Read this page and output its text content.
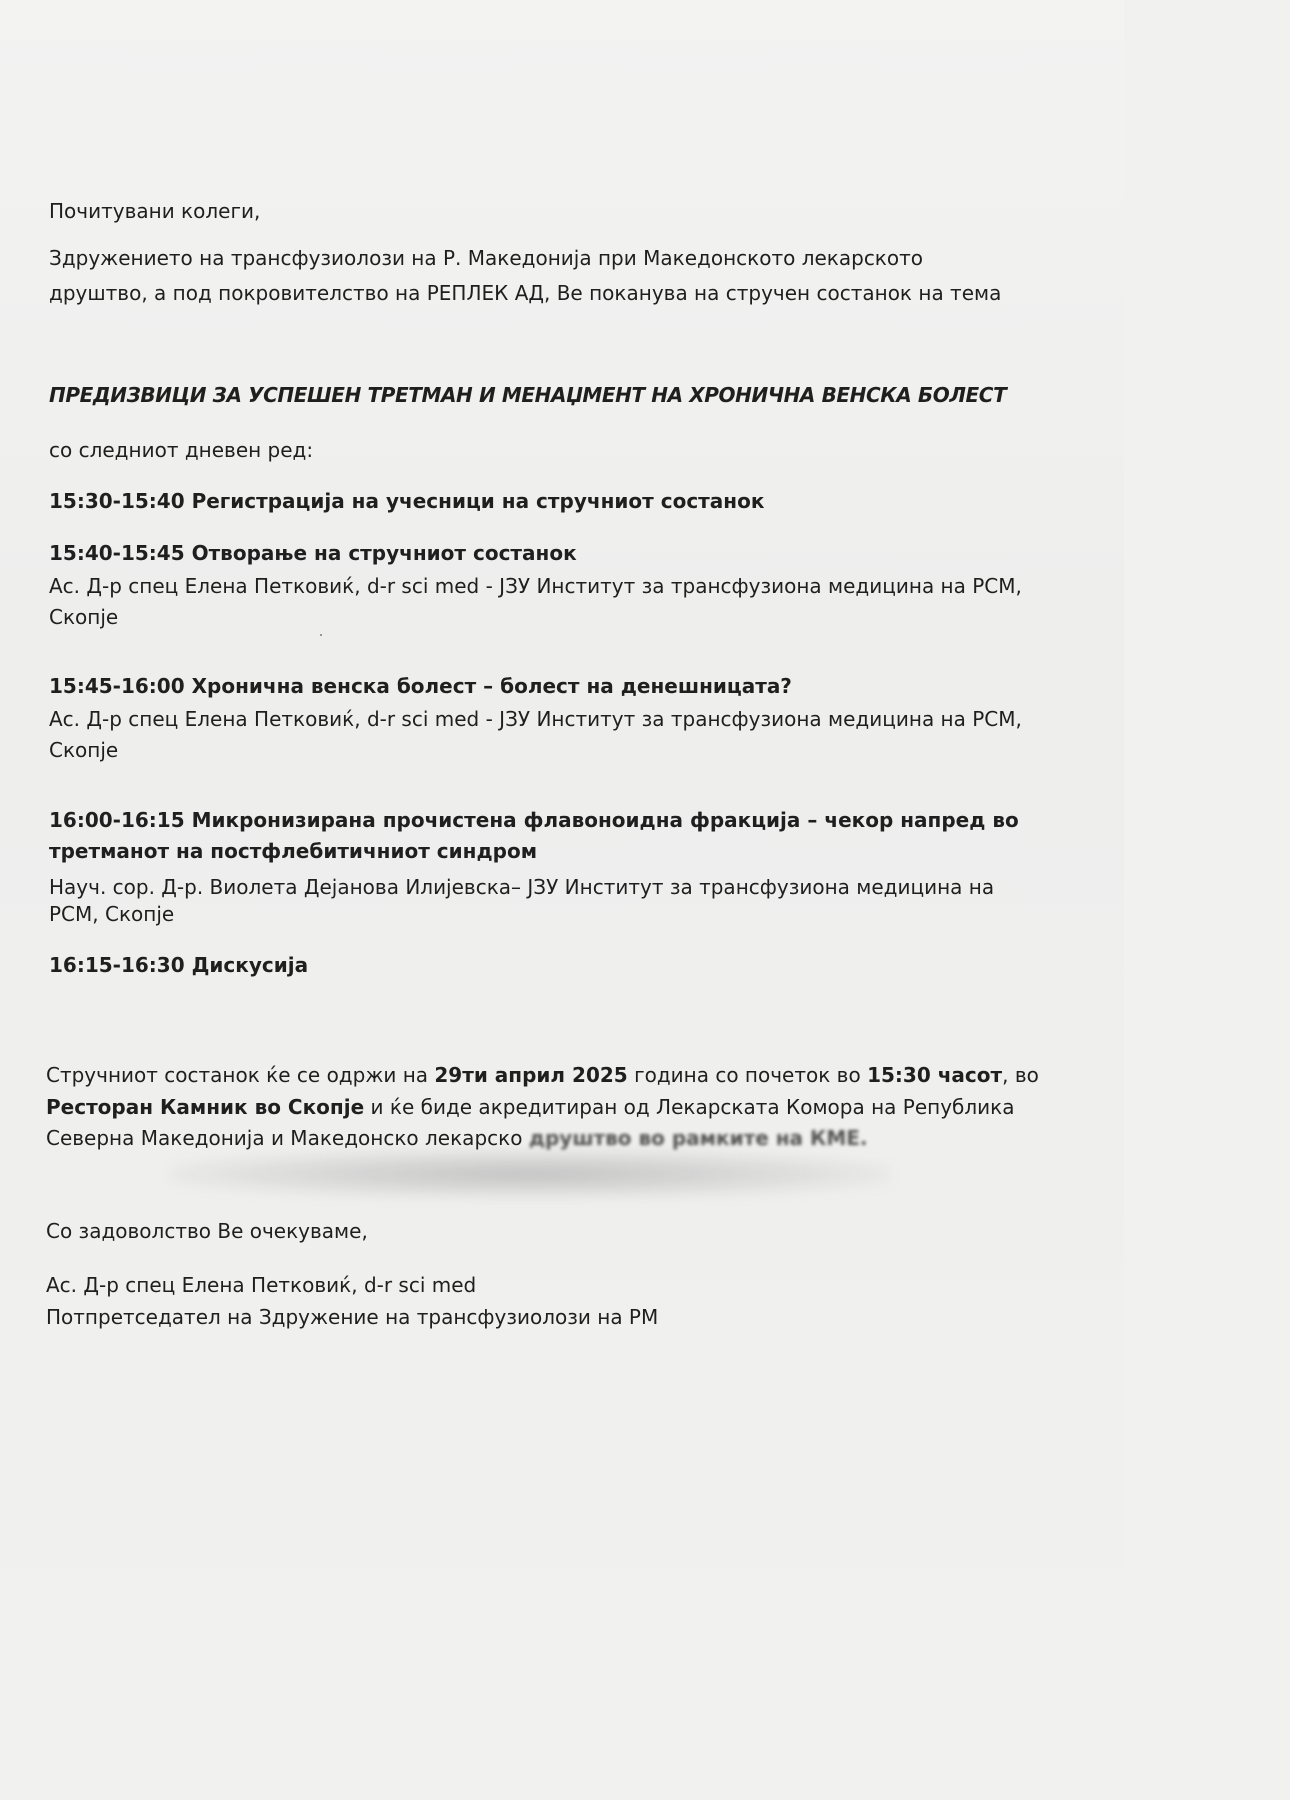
Почитувани колеги,
Здружението на трансфузиолози на Р. Македонија при Македонското лекарското
друштво, а под покровителство на РЕПЛЕК АД, Ве поканува на стручен состанок на тема
ПРЕДИЗВИЦИ ЗА УСПЕШЕН ТРЕТМАН И МЕНАЏМЕНТ НА ХРОНИЧНА ВЕНСКА БОЛЕСТ
со следниот дневен ред:
15:30-15:40 Регистрација на учесници на стручниот состанок
15:40-15:45 Отворање на стручниот состанок
Ас. Д-р спец Елена Петковиќ, d-r sci med - ЈЗУ Институт за трансфузиона медицина на РСМ,
Скопје
15:45-16:00 Хронична венска болест – болест на денешницата?
Ас. Д-р спец Елена Петковиќ, d-r sci med - ЈЗУ Институт за трансфузиона медицина на РСМ,
Скопје
16:00-16:15 Микронизирана прочистена флавоноидна фракција – чекор напред во
третманот на постфлебитичниот синдром
Науч. сор. Д-р. Виолета Дејанова Илијевска– ЈЗУ Институт за трансфузиона медицина на
РСМ, Скопје
16:15-16:30 Дискусија
Стручниот состанок ќе се одржи на 29ти април 2025 година со почеток во 15:30 часот, во
Ресторан Камник во Скопје и ќе биде акредитиран од Лекарската Комора на Република
Северна Македонија и Македонско лекарско друштво во рамките на КМЕ.
Со задоволство Ве очекуваме,
Ас. Д-р спец Елена Петковиќ, d-r sci med
Потпретседател на Здружение на трансфузиолози на РМ
